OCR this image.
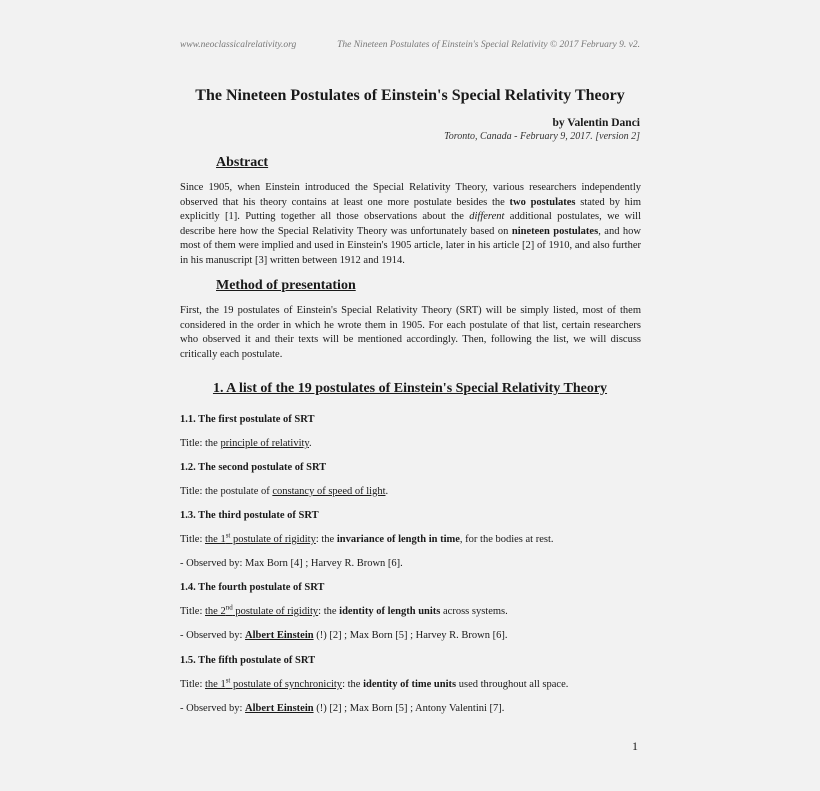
www.neoclassicalrelativity.org	The Nineteen Postulates of Einstein's Special Relativity © 2017 February 9. v2.
The Nineteen Postulates of Einstein's Special Relativity Theory
by Valentin Danci
Toronto, Canada - February 9, 2017. [version 2]
Abstract
Since 1905, when Einstein introduced the Special Relativity Theory, various researchers independently observed that his theory contains at least one more postulate besides the two postulates stated by him explicitly [1]. Putting together all those observations about the different additional postulates, we will describe here how the Special Relativity Theory was unfortunately based on nineteen postulates, and how most of them were implied and used in Einstein's 1905 article, later in his article [2] of 1910, and also further in his manuscript [3] written between 1912 and 1914.
Method of presentation
First, the 19 postulates of Einstein's Special Relativity Theory (SRT) will be simply listed, most of them considered in the order in which he wrote them in 1905. For each postulate of that list, certain researchers who observed it and their texts will be mentioned accordingly. Then, following the list, we will discuss critically each postulate.
1. A list of the 19 postulates of Einstein's Special Relativity Theory
1.1. The first postulate of SRT
Title: the principle of relativity.
1.2. The second postulate of SRT
Title: the postulate of constancy of speed of light.
1.3. The third postulate of SRT
Title: the 1st postulate of rigidity: the invariance of length in time, for the bodies at rest.
- Observed by: Max Born [4] ; Harvey R. Brown [6].
1.4. The fourth postulate of SRT
Title: the 2nd postulate of rigidity: the identity of length units across systems.
- Observed by: Albert Einstein (!) [2] ; Max Born [5] ; Harvey R. Brown [6].
1.5. The fifth postulate of SRT
Title: the 1st postulate of synchronicity: the identity of time units used throughout all space.
- Observed by: Albert Einstein (!) [2] ; Max Born [5] ; Antony Valentini [7].
1
